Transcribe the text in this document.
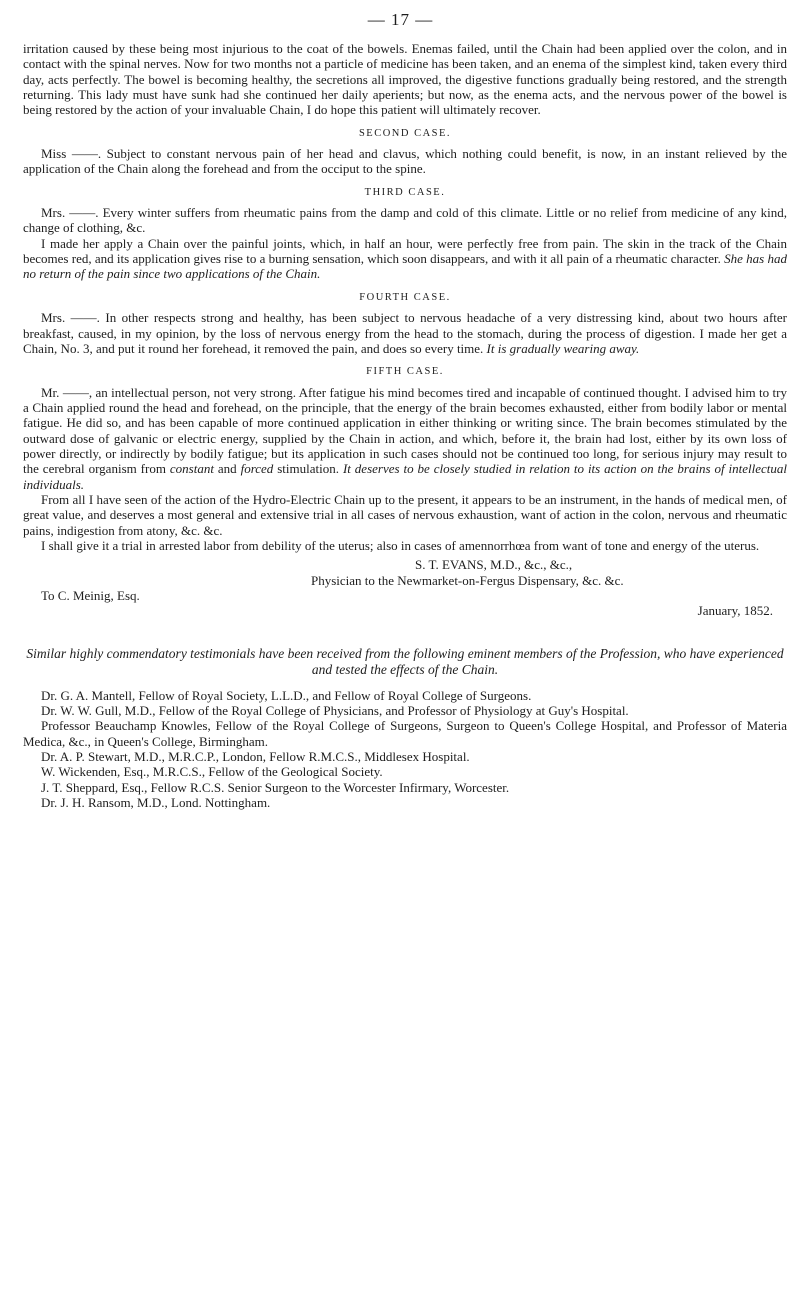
— 17 —

irritation caused by these being most injurious to the coat of the bowels. Enemas failed, until the Chain had been applied over the colon, and in contact with the spinal nerves. Now for two months not a particle of medicine has been taken, and an enema of the simplest kind, taken every third day, acts perfectly. The bowel is becoming healthy, the secretions all improved, the digestive functions gradually being restored, and the strength returning. This lady must have sunk had she continued her daily aperients; but now, as the enema acts, and the nervous power of the bowel is being restored by the action of your invaluable Chain, I do hope this patient will ultimately recover.

SECOND CASE.

Miss ——. Subject to constant nervous pain of her head and clavus, which nothing could benefit, is now, in an instant relieved by the application of the Chain along the forehead and from the occiput to the spine.

THIRD CASE.

Mrs. ——. Every winter suffers from rheumatic pains from the damp and cold of this climate. Little or no relief from medicine of any kind, change of clothing, &c.

I made her apply a Chain over the painful joints, which, in half an hour, were perfectly free from pain. The skin in the track of the Chain becomes red, and its application gives rise to a burning sensation, which soon disappears, and with it all pain of a rheumatic character. She has had no return of the pain since two applications of the Chain.

FOURTH CASE.

Mrs. ——. In other respects strong and healthy, has been subject to nervous headache of a very distressing kind, about two hours after breakfast, caused, in my opinion, by the loss of nervous energy from the head to the stomach, during the process of digestion. I made her get a Chain, No. 3, and put it round her forehead, it removed the pain, and does so every time. It is gradually wearing away.

FIFTH CASE.

Mr. ——, an intellectual person, not very strong. After fatigue his mind becomes tired and incapable of continued thought. I advised him to try a Chain applied round the head and forehead, on the principle, that the energy of the brain becomes exhausted, either from bodily labor or mental fatigue. He did so, and has been capable of more continued application in either thinking or writing since. The brain becomes stimulated by the outward dose of galvanic or electric energy, supplied by the Chain in action, and which, before it, the brain had lost, either by its own loss of power directly, or indirectly by bodily fatigue; but its application in such cases should not be continued too long, for serious injury may result to the cerebral organism from constant and forced stimulation. It deserves to be closely studied in relation to its action on the brains of intellectual individuals.

From all I have seen of the action of the Hydro-Electric Chain up to the present, it appears to be an instrument, in the hands of medical men, of great value, and deserves a most general and extensive trial in all cases of nervous exhaustion, want of action in the colon, nervous and rheumatic pains, indigestion from atony, &c. &c.

I shall give it a trial in arrested labor from debility of the uterus; also in cases of amennorrhœa from want of tone and energy of the uterus.

S. T. EVANS, M.D., &c., &c.,

Physician to the Newmarket-on-Fergus Dispensary, &c. &c.

To C. Meinig, Esq.

January, 1852.

Similar highly commendatory testimonials have been received from the following eminent members of the Profession, who have experienced and tested the effects of the Chain.

Dr. G. A. Mantell, Fellow of Royal Society, L.L.D., and Fellow of Royal College of Surgeons.

Dr. W. W. Gull, M.D., Fellow of the Royal College of Physicians, and Professor of Physiology at Guy's Hospital.

Professor Beauchamp Knowles, Fellow of the Royal College of Surgeons, Surgeon to Queen's College Hospital, and Professor of Materia Medica, &c., in Queen's College, Birmingham.

Dr. A. P. Stewart, M.D., M.R.C.P., London, Fellow R.M.C.S., Middlesex Hospital.

W. Wickenden, Esq., M.R.C.S., Fellow of the Geological Society.

J. T. Sheppard, Esq., Fellow R.C.S. Senior Surgeon to the Worcester Infirmary, Worcester.

Dr. J. H. Ransom, M.D., Lond. Nottingham.
